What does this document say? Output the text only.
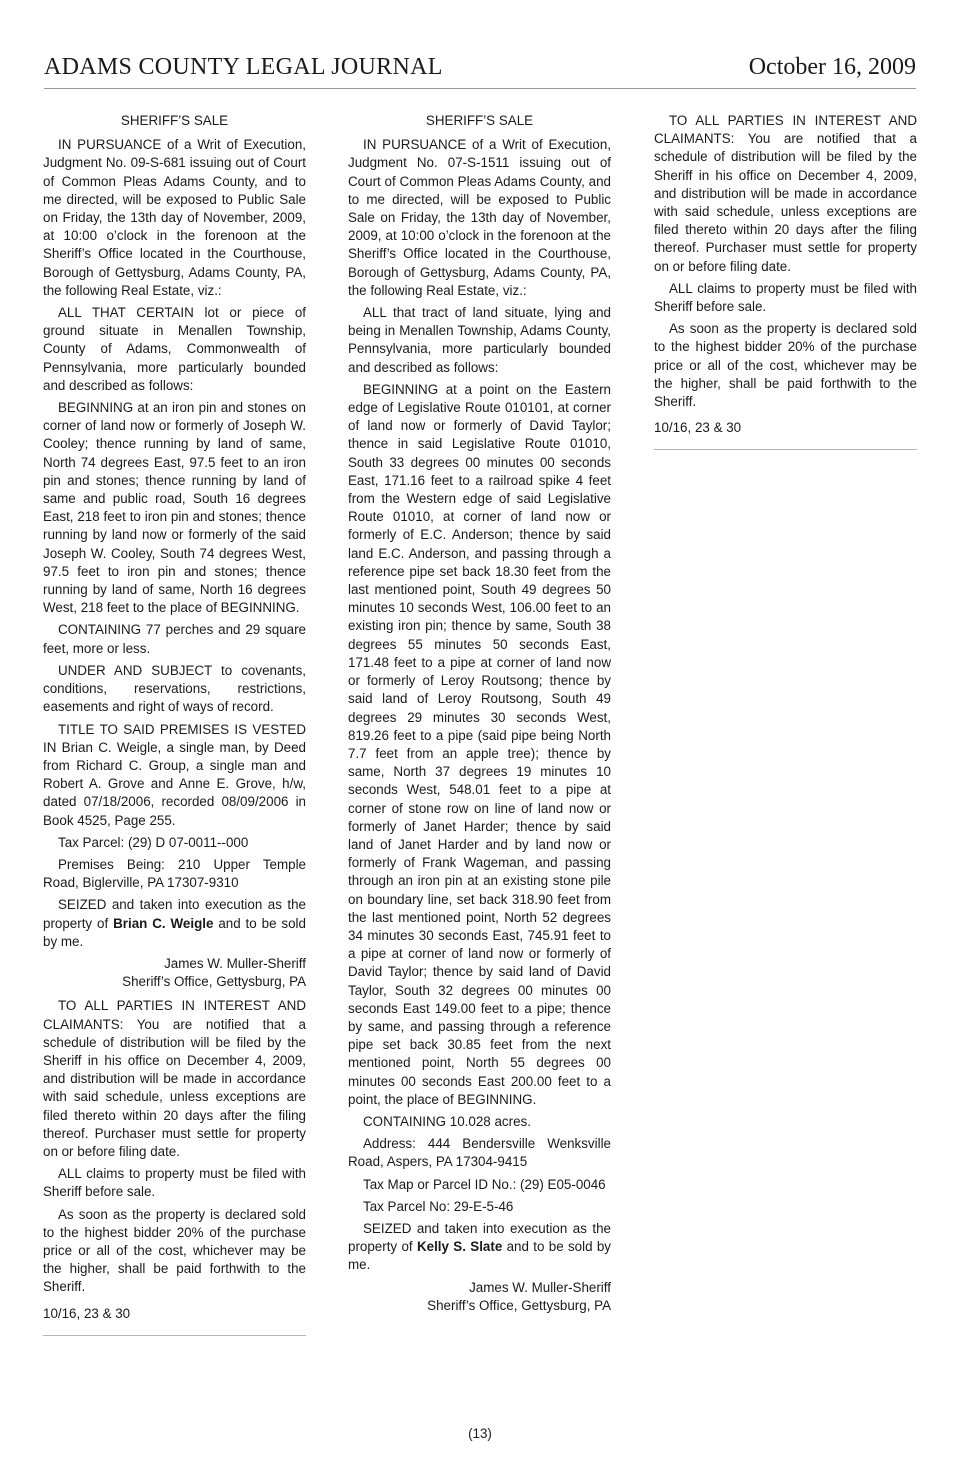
ADAMS COUNTY LEGAL JOURNAL	October 16, 2009

SHERIFF’S SALE

IN PURSUANCE of a Writ of Execution, Judgment No. 09-S-681 issuing out of Court of Common Pleas Adams County, and to me directed, will be exposed to Public Sale on Friday, the 13th day of November, 2009, at 10:00 o’clock in the forenoon at the Sheriff’s Office located in the Courthouse, Borough of Gettysburg, Adams County, PA, the following Real Estate, viz.:

ALL THAT CERTAIN lot or piece of ground situate in Menallen Township, County of Adams, Commonwealth of Pennsylvania, more particularly bounded and described as follows:

BEGINNING at an iron pin and stones on corner of land now or formerly of Joseph W. Cooley; thence running by land of same, North 74 degrees East, 97.5 feet to an iron pin and stones; thence running by land of same and public road, South 16 degrees East, 218 feet to iron pin and stones; thence running by land now or formerly of the said Joseph W. Cooley, South 74 degrees West, 97.5 feet to iron pin and stones; thence running by land of same, North 16 degrees West, 218 feet to the place of BEGINNING.

CONTAINING 77 perches and 29 square feet, more or less.

UNDER AND SUBJECT to covenants, conditions, reservations, restrictions, easements and right of ways of record.

TITLE TO SAID PREMISES IS VESTED IN Brian C. Weigle, a single man, by Deed from Richard C. Group, a single man and Robert A. Grove and Anne E. Grove, h/w, dated 07/18/2006, recorded 08/09/2006 in Book 4525, Page 255.

Tax Parcel: (29) D 07-0011--000

Premises Being: 210 Upper Temple Road, Biglerville, PA 17307-9310

SEIZED and taken into execution as the property of Brian C. Weigle and to be sold by me.

James W. Muller-Sheriff

Sheriff’s Office, Gettysburg, PA

TO ALL PARTIES IN INTEREST AND CLAIMANTS: You are notified that a schedule of distribution will be filed by the Sheriff in his office on December 4, 2009, and distribution will be made in accordance with said schedule, unless exceptions are filed thereto within 20 days after the filing thereof. Purchaser must settle for property on or before filing date.

ALL claims to property must be filed with Sheriff before sale.

As soon as the property is declared sold to the highest bidder 20% of the purchase price or all of the cost, whichever may be the higher, shall be paid forthwith to the Sheriff.

10/16, 23 & 30

SHERIFF’S SALE

IN PURSUANCE of a Writ of Execution, Judgment No. 07-S-1511 issuing out of Court of Common Pleas Adams County, and to me directed, will be exposed to Public Sale on Friday, the 13th day of November, 2009, at 10:00 o’clock in the forenoon at the Sheriff’s Office located in the Courthouse, Borough of Gettysburg, Adams County, PA, the following Real Estate, viz.:

ALL that tract of land situate, lying and being in Menallen Township, Adams County, Pennsylvania, more particularly bounded and described as follows:

BEGINNING at a point on the Eastern edge of Legislative Route 010101, at corner of land now or formerly of David Taylor; thence in said Legislative Route 01010, South 33 degrees 00 minutes 00 seconds East, 171.16 feet to a railroad spike 4 feet from the Western edge of said Legislative Route 01010, at corner of land now or formerly of E.C. Anderson; thence by said land E.C. Anderson, and passing through a reference pipe set back 18.30 feet from the last mentioned point, South 49 degrees 50 minutes 10 seconds West, 106.00 feet to an existing iron pin; thence by same, South 38 degrees 55 minutes 50 seconds East, 171.48 feet to a pipe at corner of land now or formerly of Leroy Routsong; thence by said land of Leroy Routsong, South 49 degrees 29 minutes 30 seconds West, 819.26 feet to a pipe (said pipe being North 7.7 feet from an apple tree); thence by same, North 37 degrees 19 minutes 10 seconds West, 548.01 feet to a pipe at corner of stone row on line of land now or formerly of Janet Harder; thence by said land of Janet Harder and by land now or formerly of Frank Wageman, and passing through an iron pin at an existing stone pile on boundary line, set back 318.90 feet from the last mentioned point, North 52 degrees 34 minutes 30 seconds East, 745.91 feet to a pipe at corner of land now or formerly of David Taylor; thence by said land of David Taylor, South 32 degrees 00 minutes 00 seconds East 149.00 feet to a pipe; thence by same, and passing through a reference pipe set back 30.85 feet from the next mentioned point, North 55 degrees 00 minutes 00 seconds East 200.00 feet to a point, the place of BEGINNING.

CONTAINING 10.028 acres.

Address: 444 Bendersville Wenksville Road, Aspers, PA 17304-9415

Tax Map or Parcel ID No.: (29) E05-0046

Tax Parcel No: 29-E-5-46

SEIZED and taken into execution as the property of Kelly S. Slate and to be sold by me.

James W. Muller-Sheriff

Sheriff’s Office, Gettysburg, PA

TO ALL PARTIES IN INTEREST AND CLAIMANTS: You are notified that a schedule of distribution will be filed by the Sheriff in his office on December 4, 2009, and distribution will be made in accordance with said schedule, unless exceptions are filed thereto within 20 days after the filing thereof. Purchaser must settle for property on or before filing date.

ALL claims to property must be filed with Sheriff before sale.

As soon as the property is declared sold to the highest bidder 20% of the purchase price or all of the cost, whichever may be the higher, shall be paid forthwith to the Sheriff.

10/16, 23 & 30

(13)
